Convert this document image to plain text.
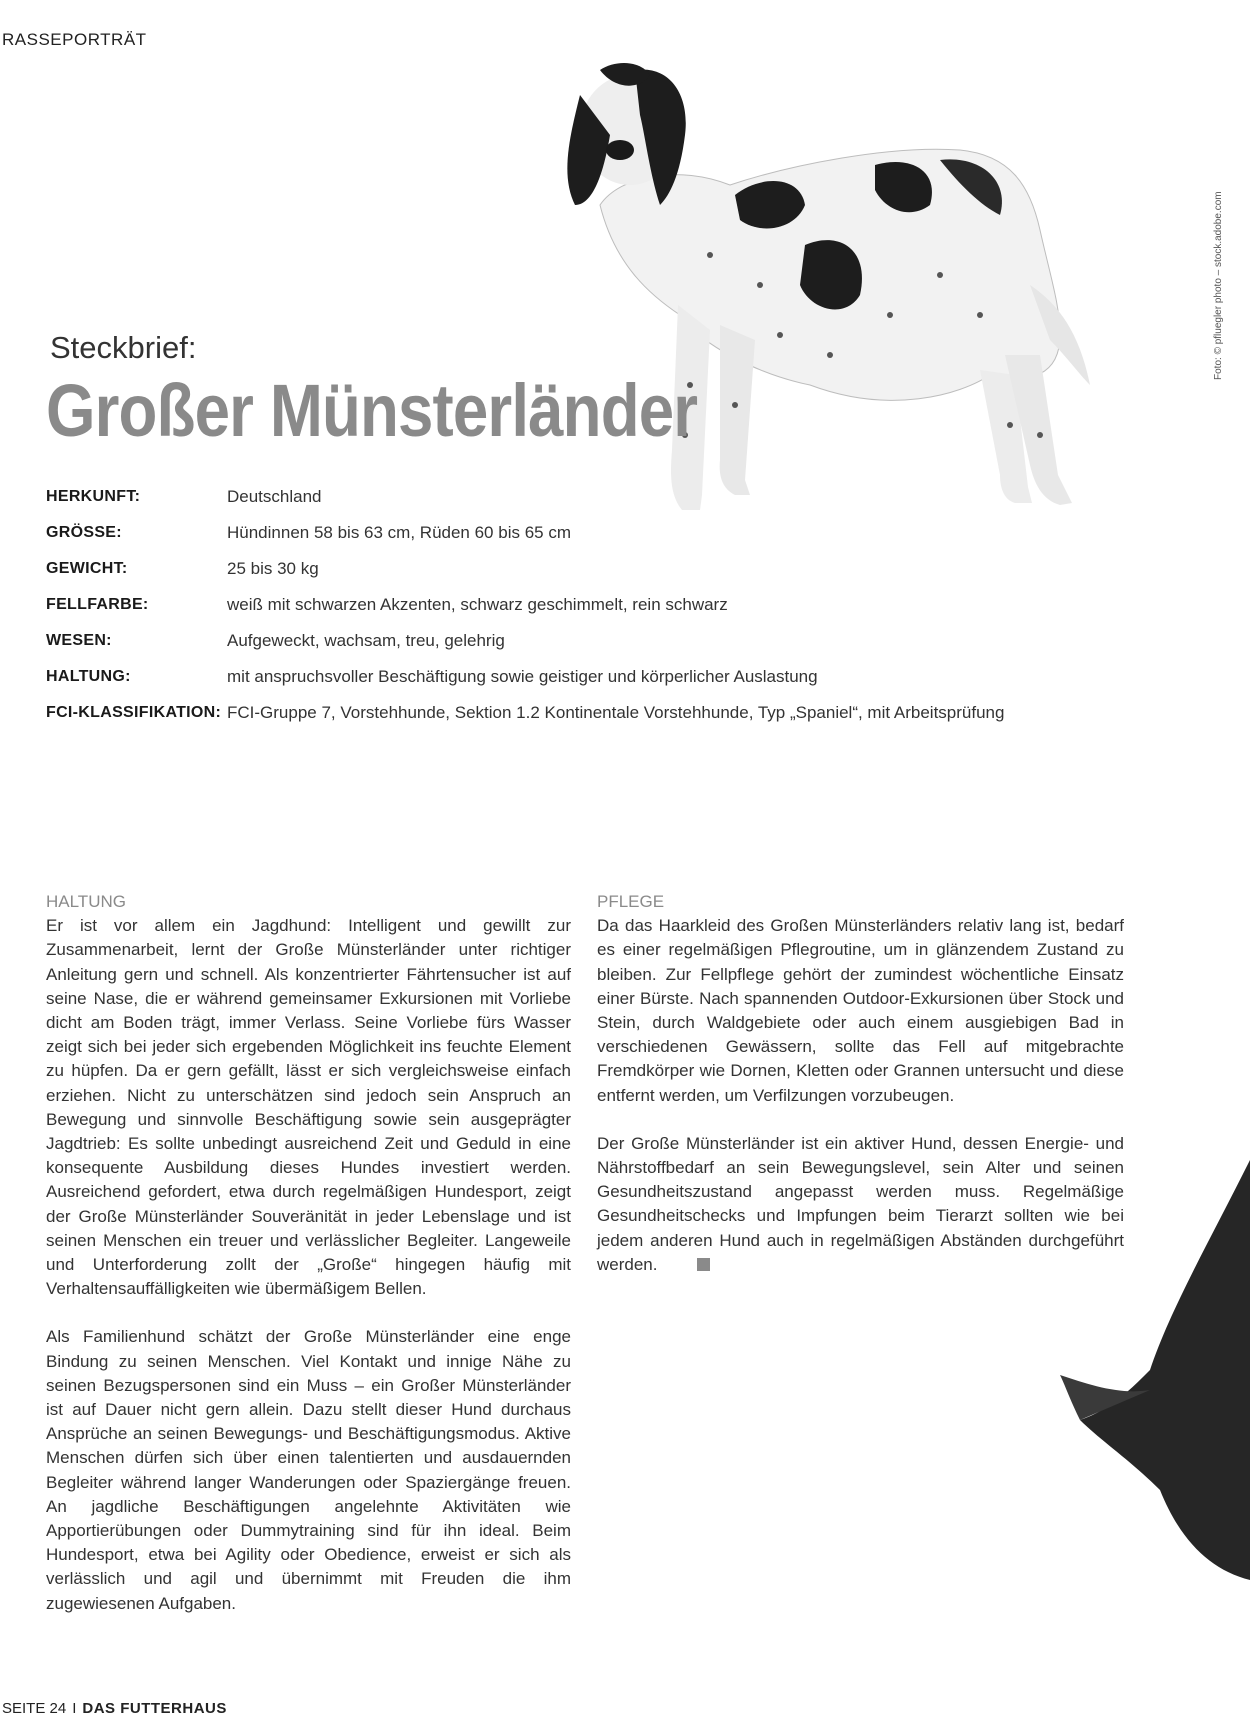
RASSEPORTRÄT
Foto: © pfluegler photo – stock.adobe.com
Steckbrief:
Großer Münsterländer
HERKUNFT:	Deutschland
GRÖSSE:	Hündinnen 58 bis 63 cm, Rüden 60 bis 65 cm
GEWICHT:	25 bis 30 kg
FELLFARBE:	weiß mit schwarzen Akzenten, schwarz geschimmelt, rein schwarz
WESEN:	Aufgeweckt, wachsam, treu, gelehrig
HALTUNG:	mit anspruchsvoller Beschäftigung sowie geistiger und körperlicher Auslastung
FCI-KLASSIFIKATION: FCI-Gruppe 7, Vorstehhunde, Sektion 1.2 Kontinentale Vorstehhunde, Typ „Spaniel“, mit Arbeitsprüfung
HALTUNG

Er ist vor allem ein Jagdhund: Intelligent und gewillt zur Zusammenarbeit, lernt der Große Münsterländer unter richtiger Anleitung gern und schnell. Als konzentrierter Fährtensucher ist auf seine Nase, die er während gemeinsamer Exkursionen mit Vorliebe dicht am Boden trägt, immer Verlass. Seine Vorliebe fürs Wasser zeigt sich bei jeder sich ergebenden Möglichkeit ins feuchte Element zu hüpfen. Da er gern gefällt, lässt er sich vergleichsweise einfach erziehen. Nicht zu unterschätzen sind jedoch sein Anspruch an Bewegung und sinnvolle Beschäftigung sowie sein ausgeprägter Jagdtrieb: Es sollte unbedingt ausreichend Zeit und Geduld in eine konsequente Ausbildung dieses Hundes investiert werden. Ausreichend gefordert, etwa durch regelmäßigen Hundesport, zeigt der Große Münsterländer Souveränität in jeder Lebenslage und ist seinen Menschen ein treuer und verlässlicher Begleiter. Langeweile und Unterforderung zollt der „Große“ hingegen häufig mit Verhaltensauffälligkeiten wie übermäßigem Bellen.

Als Familienhund schätzt der Große Münsterländer eine enge Bindung zu seinen Menschen. Viel Kontakt und innige Nähe zu seinen Bezugspersonen sind ein Muss – ein Großer Münsterländer ist auf Dauer nicht gern allein. Dazu stellt dieser Hund durchaus Ansprüche an seinen Bewegungs- und Beschäftigungsmodus. Aktive Menschen dürfen sich über einen talentierten und ausdauernden Begleiter während langer Wanderungen oder Spaziergänge freuen. An jagdliche Beschäftigungen angelehnte Aktivitäten wie Apportierübungen oder Dummytraining sind für ihn ideal. Beim Hundesport, etwa bei Agility oder Obedience, erweist er sich als verlässlich und agil und übernimmt mit Freuden die ihm zugewiesenen Aufgaben.

PFLEGE

Da das Haarkleid des Großen Münsterländers relativ lang ist, bedarf es einer regelmäßigen Pflegroutine, um in glänzendem Zustand zu bleiben. Zur Fellpflege gehört der zumindest wöchentliche Einsatz einer Bürste. Nach spannenden Outdoor-Exkursionen über Stock und Stein, durch Waldgebiete oder auch einem ausgiebigen Bad in verschiedenen Gewässern, sollte das Fell auf mitgebrachte Fremdkörper wie Dornen, Kletten oder Grannen untersucht und diese entfernt werden, um Verfilzungen vorzubeugen.

Der Große Münsterländer ist ein aktiver Hund, dessen Energie- und Nährstoffbedarf an sein Bewegungslevel, sein Alter und seinen Gesundheitszustand angepasst werden muss. Regelmäßige Gesundheitschecks und Impfungen beim Tierarzt sollten wie bei jedem anderen Hund auch in regelmäßigen Abständen durchgeführt werden.

SEITE 24 I DAS FUTTERHAUS
